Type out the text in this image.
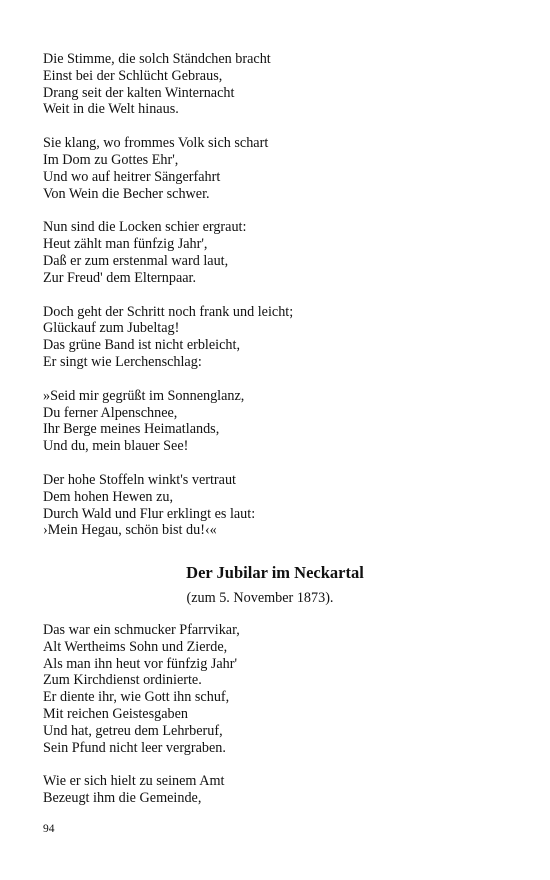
Die Stimme, die solch Ständchen bracht
Einst bei der Schlücht Gebraus,
Drang seit der kalten Winternacht
Weit in die Welt hinaus.
Sie klang, wo frommes Volk sich schart
Im Dom zu Gottes Ehr',
Und wo auf heitrer Sängerfahrt
Von Wein die Becher schwer.
Nun sind die Locken schier ergraut:
Heut zählt man fünfzig Jahr',
Daß er zum erstenmal ward laut,
Zur Freud' dem Elternpaar.
Doch geht der Schritt noch frank und leicht;
Glückauf zum Jubeltag!
Das grüne Band ist nicht erbleicht,
Er singt wie Lerchenschlag:
»Seid mir gegrüßt im Sonnenglanz,
Du ferner Alpenschnee,
Ihr Berge meines Heimatlands,
Und du, mein blauer See!
Der hohe Stoffeln winkt's vertraut
Dem hohen Hewen zu,
Durch Wald und Flur erklingt es laut:
›Mein Hegau, schön bist du!‹«
Der Jubilar im Neckartal
(zum 5. November 1873).
Das war ein schmucker Pfarrvikar,
Alt Wertheims Sohn und Zierde,
Als man ihn heut vor fünfzig Jahr'
Zum Kirchdienst ordinierte.
Er diente ihr, wie Gott ihn schuf,
Mit reichen Geistesgaben
Und hat, getreu dem Lehrberuf,
Sein Pfund nicht leer vergraben.
Wie er sich hielt zu seinem Amt
Bezeugt ihm die Gemeinde,
94
